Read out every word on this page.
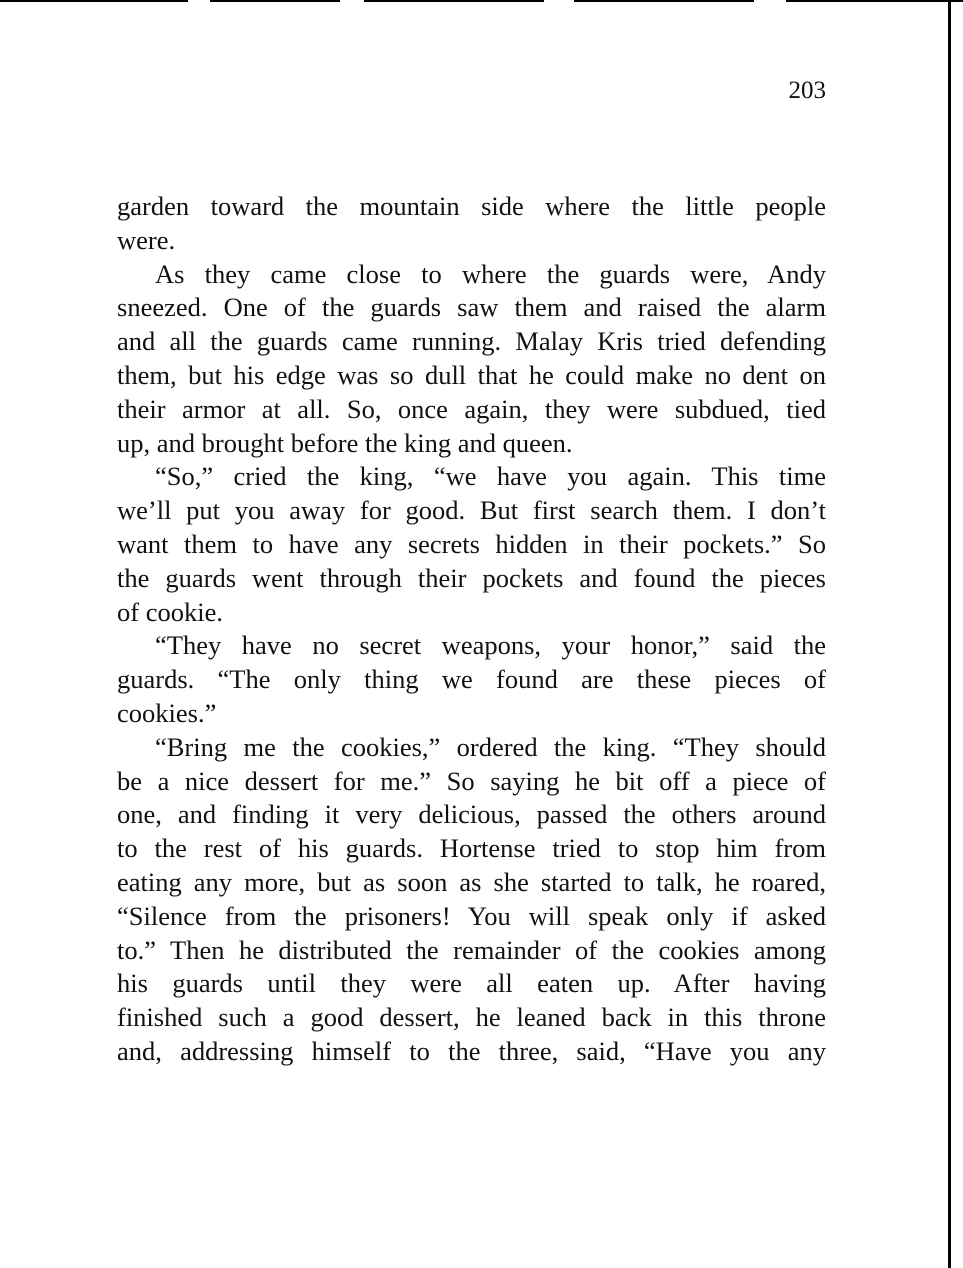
203

garden toward the mountain side where the little people
were.

As they came close to where the guards were, Andy
sneezed. One of the guards saw them and raised the alarm
and all the guards came running. Malay Kris tried defending
them, but his edge was so dull that he could make no dent on
their armor at all. So, once again, they were subdued, tied
up, and brought before the king and queen.

“So,” cried the king, “we have you again. This time
we’ll put you away for good. But first search them. I don’t
want them to have any secrets hidden in their pockets.” So
the guards went through their pockets and found the pieces
of cookie.

“They have no secret weapons, your honor,” said the
guards. “The only thing we found are these pieces of
cookies.”

“Bring me the cookies,” ordered the king. “They should
be a nice dessert for me.” So saying he bit off a piece of
one, and finding it very delicious, passed the others around
to the rest of his guards. Hortense tried to stop him from
eating any more, but as soon as she started to talk, he roared,
“Silence from the prisoners! You will speak only if asked
to.” Then he distributed the remainder of the cookies among
his guards until they were all eaten up. After having
finished such a good dessert, he leaned back in this throne
and, addressing himself to the three, said, “Have you any
